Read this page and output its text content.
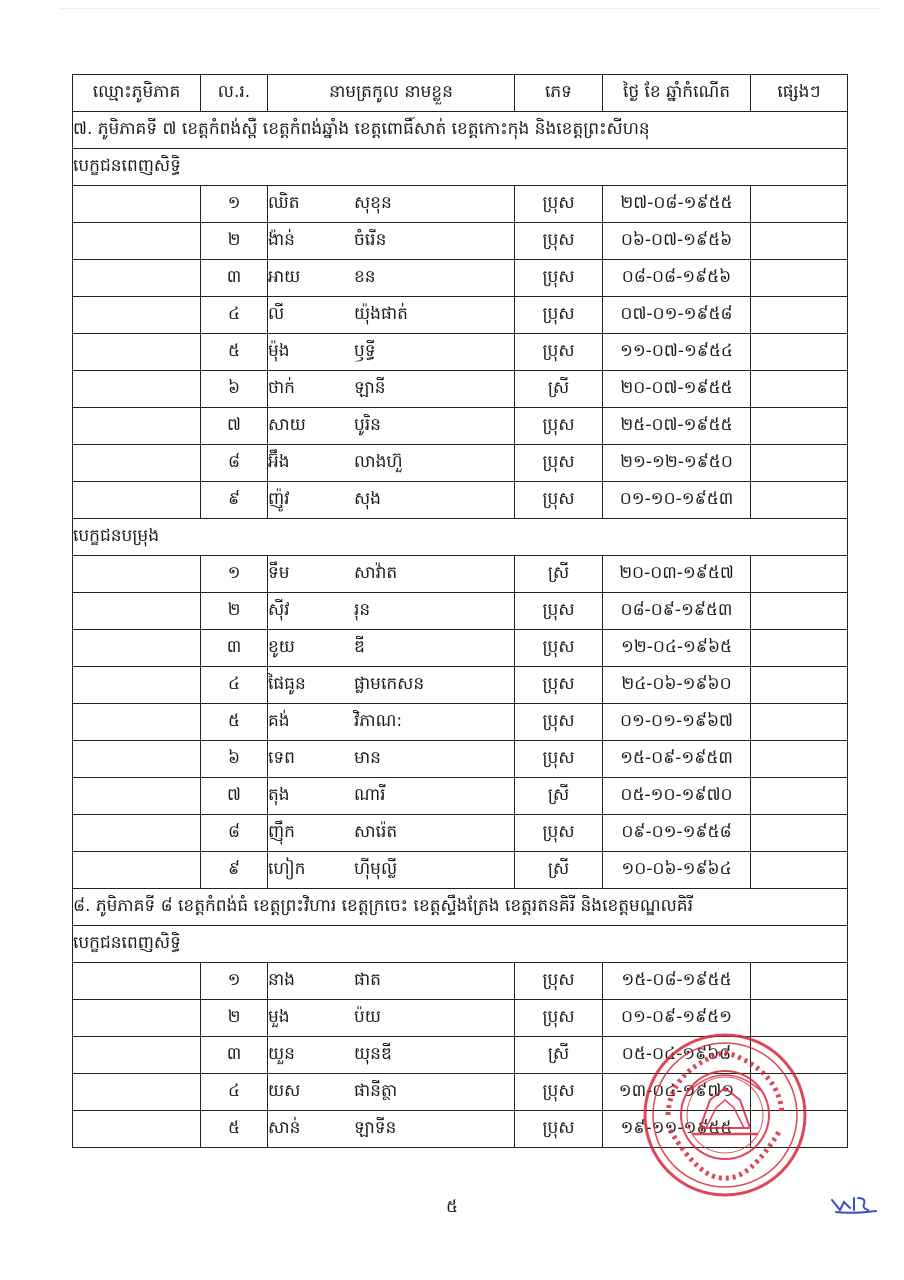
ឈ្មោះភូមិភាគ	ល.រ.	នាមត្រកូល នាមខ្លួន	ភេទ	ថ្ងៃ ខែ ឆ្នាំកំណើត	ផ្សេងៗ
៧. ភូមិភាគទី ៧ ខេត្តកំពង់ស្ពឺ ខេត្តកំពង់ឆ្នាំង ខេត្តពោធិ៍សាត់ ខេត្តកោះកុង និងខេត្តព្រះសីហនុ					
បេក្ខជនពេញសិទ្ធិ					
	១	ឈិត សុខុន	ប្រុស	២៧-០៨-១៩៥៥	
	២	ង៉ាន់ ចំរើន	ប្រុស	០៦-០៧-១៩៥៦	
	៣	អាយ ខន	ប្រុស	០៨-០៨-១៩៥៦	
	៤	លី យ៉ុងផាត់	ប្រុស	០៧-០១-១៩៥៨	
	៥	ម៉ុង ឫទ្ធី	ប្រុស	១១-០៧-១៩៥៤	
	៦	ថាក់ ឡានី	ស្រី	២០-០៧-១៩៥៥	
	៧	សាយ បូរិន	ប្រុស	២៥-០៧-១៩៥៥	
	៨	អ៊ឹង លាងហ៊ួ	ប្រុស	២១-១២-១៩៥០	
	៩	ញ៉ូវ សុង	ប្រុស	០១-១០-១៩៥៣	
បេក្ខជនបម្រុង					
	១	ទឹម សាវ៉ាត	ស្រី	២០-០៣-១៩៥៧	
	២	ស៊ីវ រុន	ប្រុស	០៨-០៩-១៩៥៣	
	៣	ខូយ ឌី	ប្រុស	១២-០៤-១៩៦៥	
	៤	ផៃធូន ផ្លាមកេសន	ប្រុស	២៤-០៦-១៩៦០	
	៥	គង់ វិភាណ:	ប្រុស	០១-០១-១៩៦៧	
	៦	ទេព មាន	ប្រុស	១៥-០៩-១៩៥៣	
	៧	តុង ណារី	ស្រី	០៥-១០-១៩៧០	
	៨	ញ៉ឹក សារ៉េត	ប្រុស	០៩-០១-១៩៥៨	
	៩	ហៀក ហ៊ីមុល្លី	ស្រី	១០-០៦-១៩៦៤	
៨. ភូមិភាគទី ៨ ខេត្តកំពង់ធំ ខេត្តព្រះវិហារ ខេត្តក្រចេះ ខេត្តស្ទឹងត្រែង ខេត្តរតនគិរី និងខេត្តមណ្ឌលគិរី					
បេក្ខជនពេញសិទ្ធិ					
	១	នាង ផាត	ប្រុស	១៥-០៨-១៩៥៥	
	២	មួង ប៉យ	ប្រុស	០១-០៩-១៩៥១	
	៣	យួន យុនឌី	ស្រី	០៥-០៤-១៩៦៨	
	៤	យស ផានីត្ថា	ប្រុស	១៣-០៤-១៩៧១	
	៥	សាន់ ឡាទីន	ប្រុស	១៩-១១-១៩៥៥	
៥
